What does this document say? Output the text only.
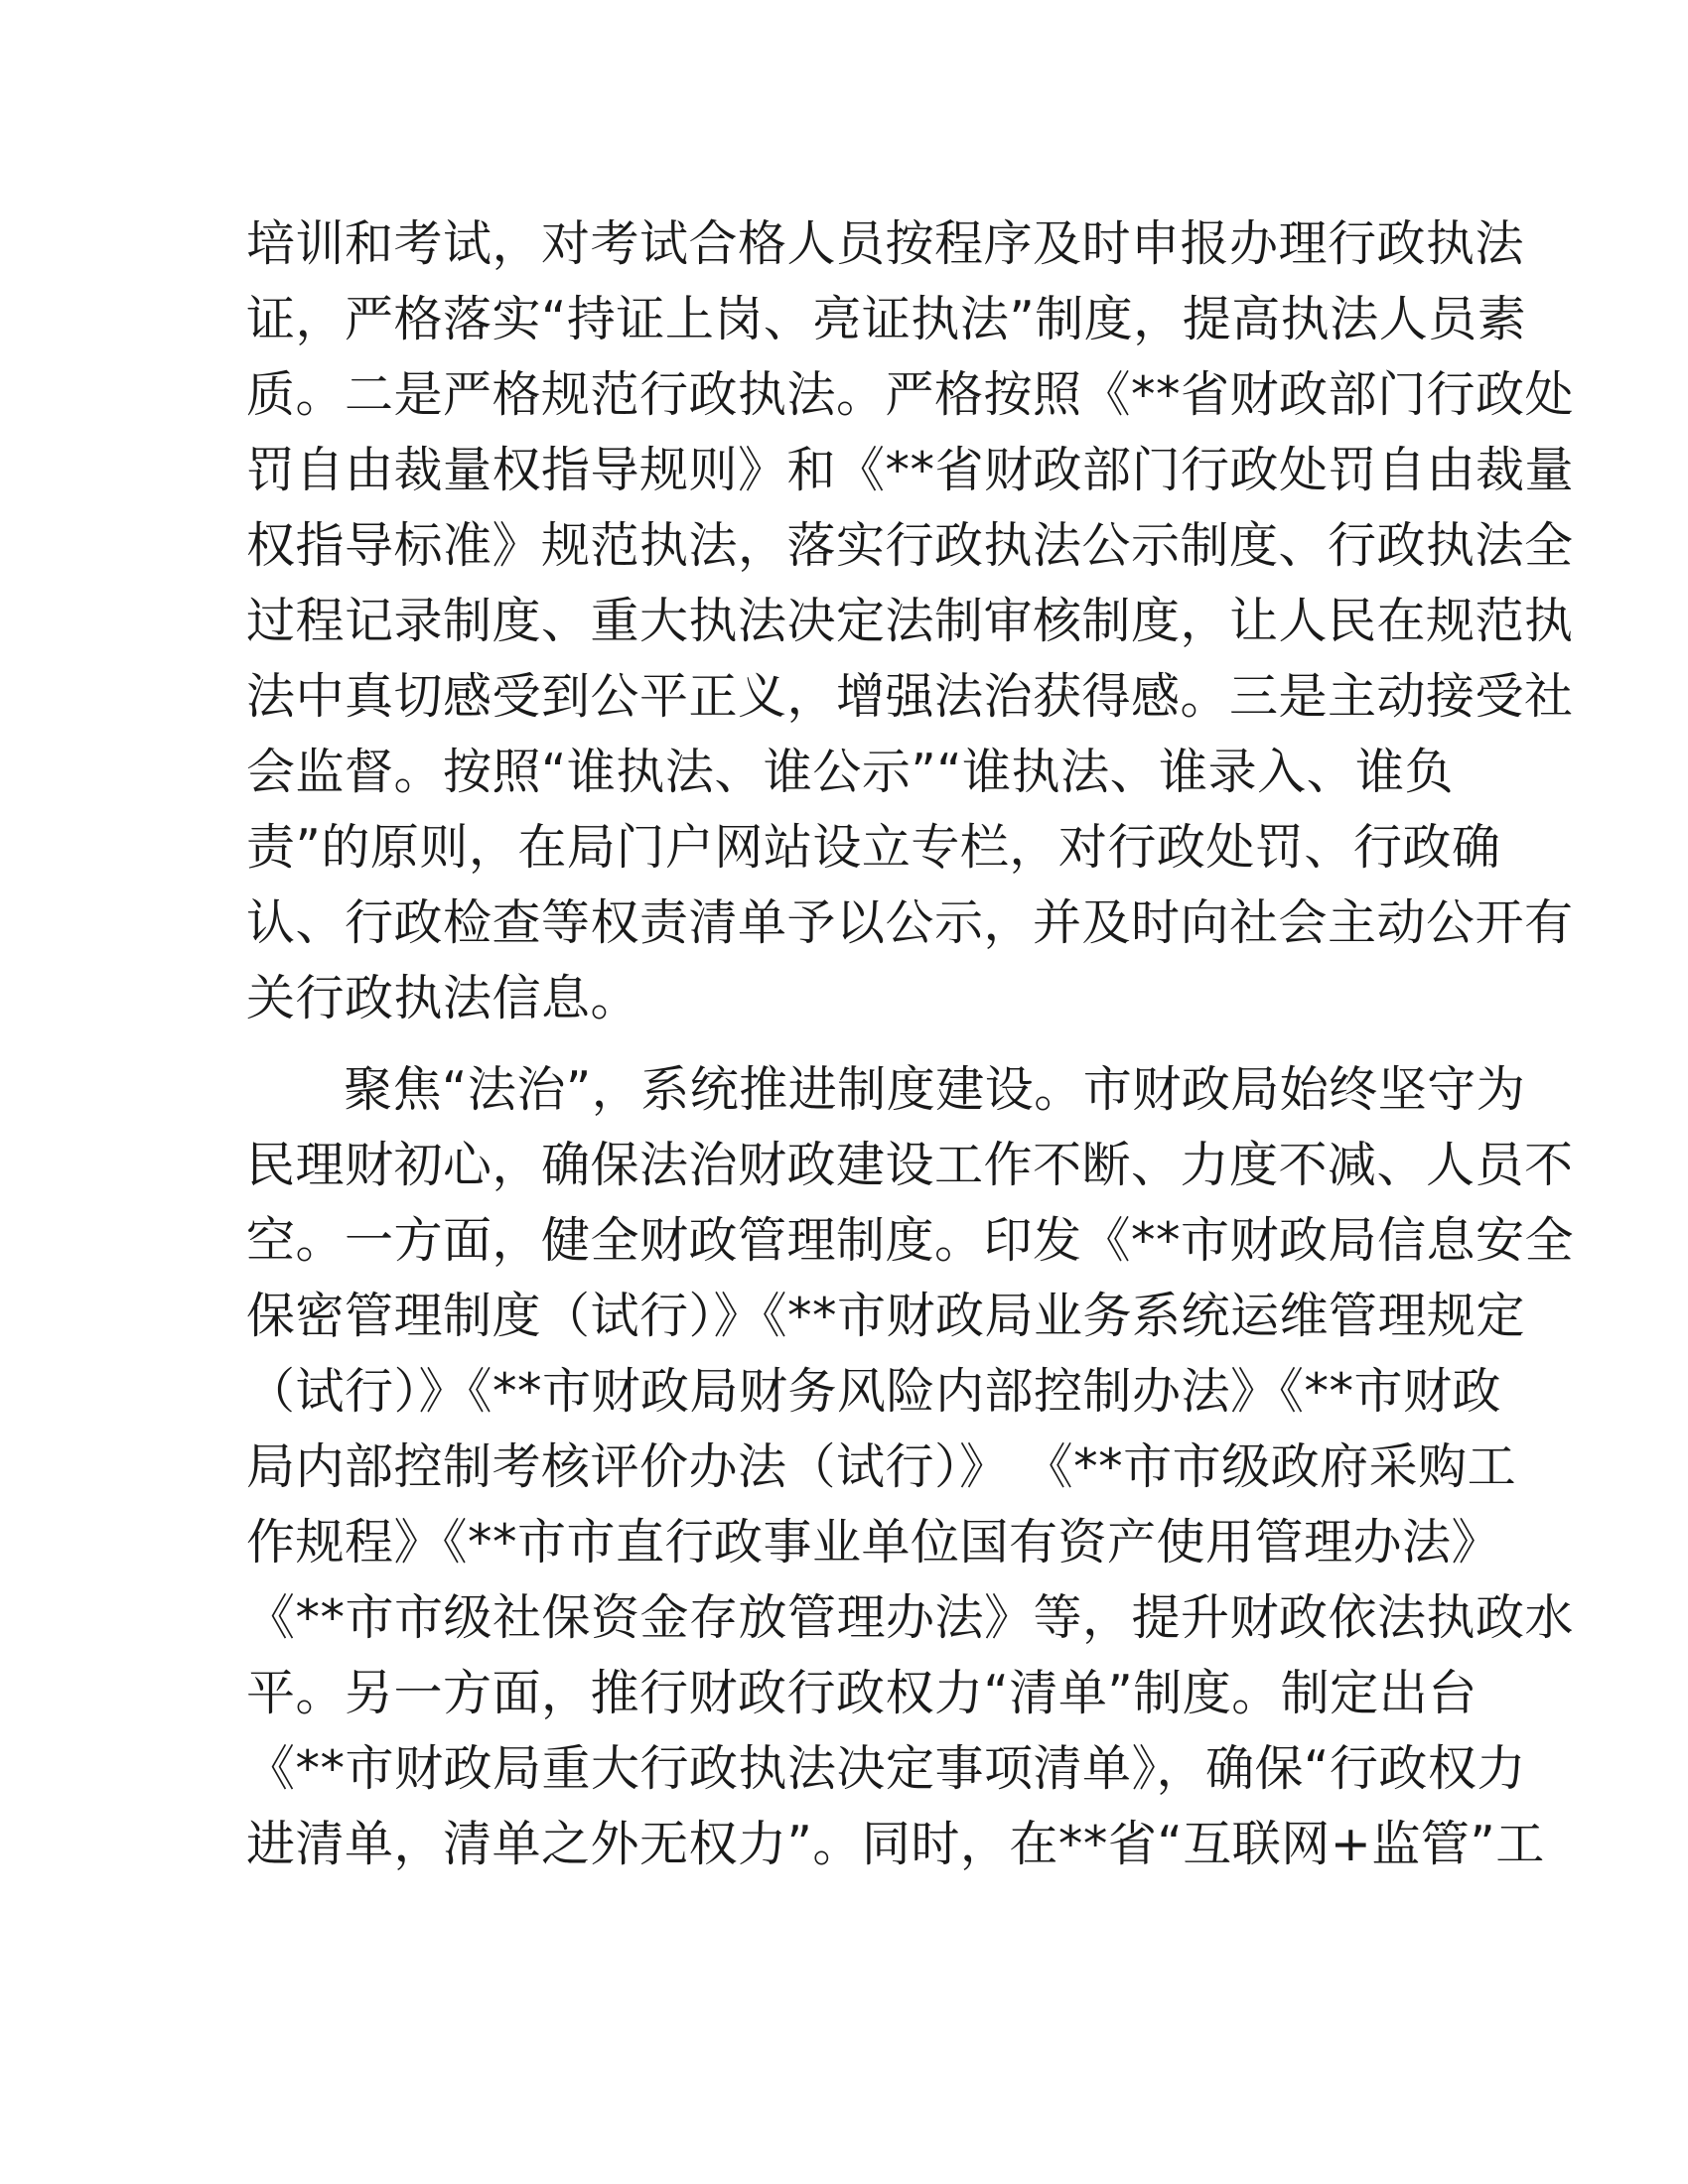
培训和考试，对考试合格人员按程序及时申报办理行政执法
证，严格落实“持证上岗、亮证执法”制度，提高执法人员素
质。二是严格规范行政执法。严格按照《**省财政部门行政处
罚自由裁量权指导规则》和《**省财政部门行政处罚自由裁量
权指导标准》规范执法，落实行政执法公示制度、行政执法全
过程记录制度、重大执法决定法制审核制度，让人民在规范执
法中真切感受到公平正义，增强法治获得感。三是主动接受社
会监督。按照“谁执法、谁公示”“谁执法、谁录入、谁负
责”的原则，在局门户网站设立专栏，对行政处罚、行政确
认、行政检查等权责清单予以公示，并及时向社会主动公开有
关行政执法信息。
聚焦“法治”，系统推进制度建设。市财政局始终坚守为
民理财初心，确保法治财政建设工作不断、力度不减、人员不
空。一方面，健全财政管理制度。印发《**市财政局信息安全
保密管理制度（试行）》《**市财政局业务系统运维管理规定
（试行）》《**市财政局财务风险内部控制办法》《**市财政
局内部控制考核评价办法（试行）》 《**市市级政府采购工
作规程》《**市市直行政事业单位国有资产使用管理办法》
《**市市级社保资金存放管理办法》等，提升财政依法执政水
平。另一方面，推行财政行政权力“清单”制度。制定出台
《**市财政局重大行政执法决定事项清单》，确保“行政权力
进清单，清单之外无权力”。同时，在**省“互联网+监管”工
